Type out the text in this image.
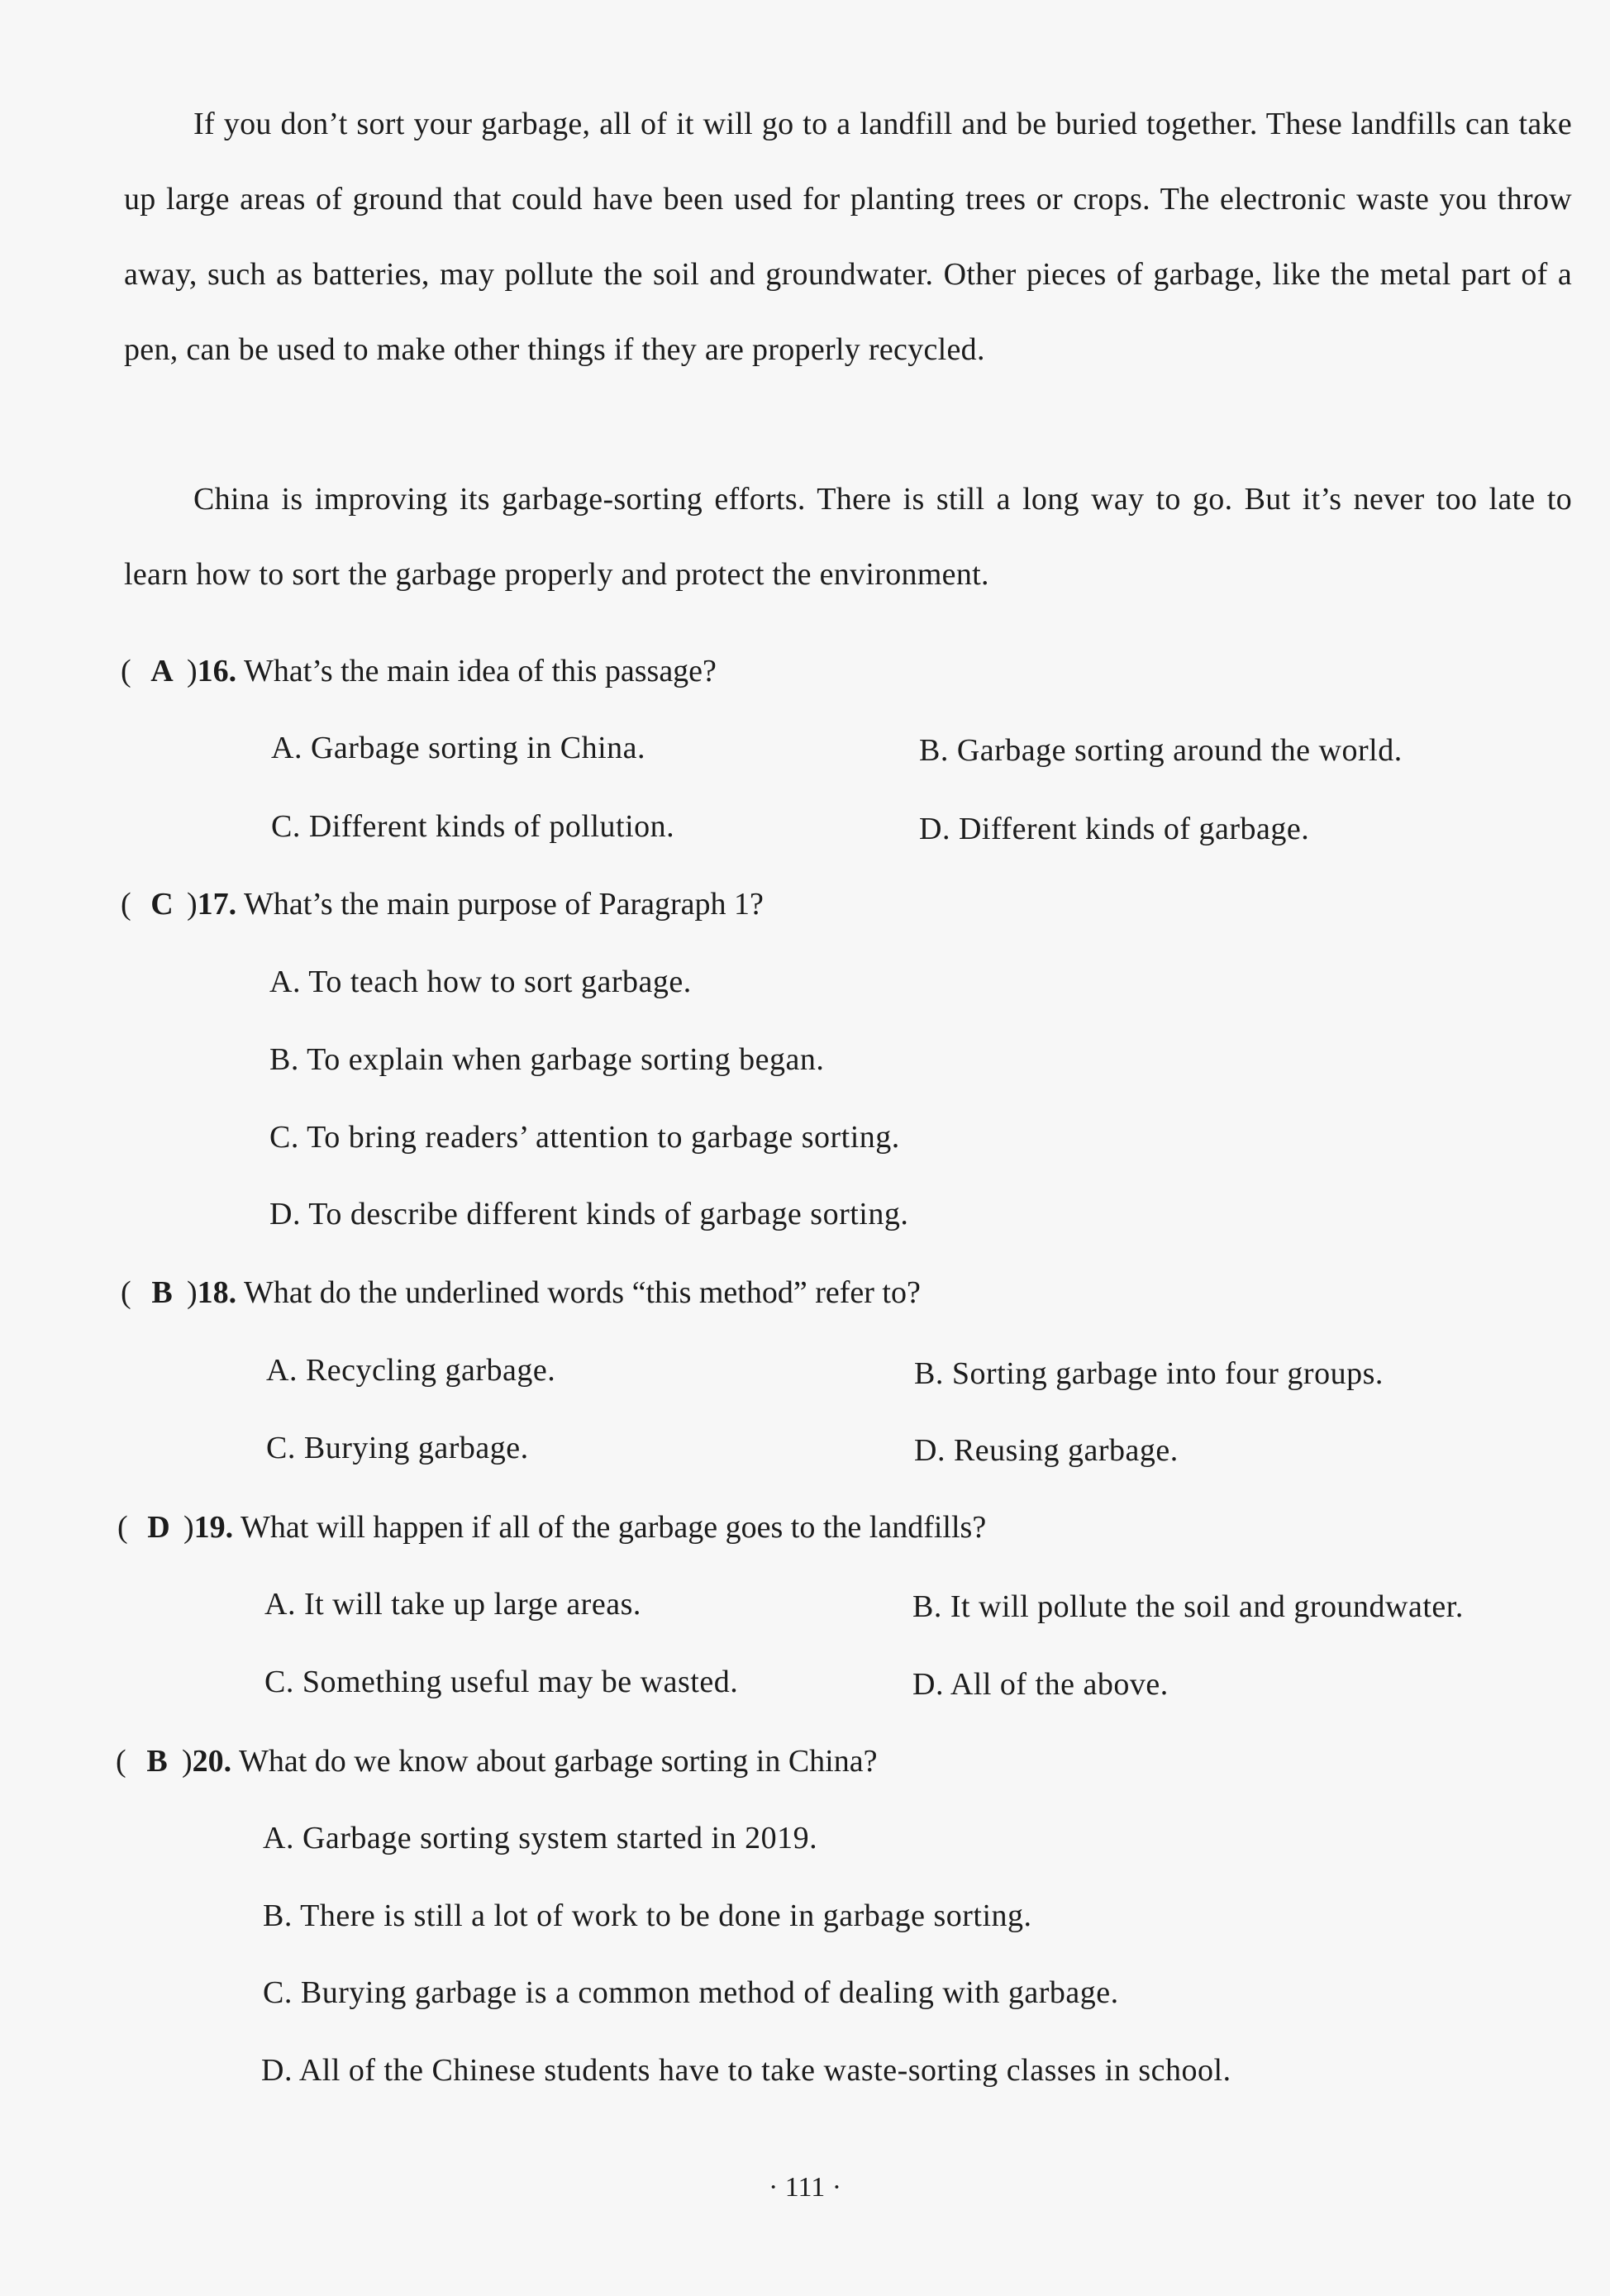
If you don’t sort your garbage, all of it will go to a landfill and be buried together. These landfills can take up large areas of ground that could have been used for planting trees or crops. The electronic waste you throw away, such as batteries, may pollute the soil and groundwater. Other pieces of garbage, like the metal part of a pen, can be used to make other things if they are properly recycled.

China is improving its garbage-sorting efforts. There is still a long way to go. But it’s never too late to learn how to sort the garbage properly and protect the environment.

( A )16. What’s the main idea of this passage?
A. Garbage sorting in China.	B. Garbage sorting around the world.
C. Different kinds of pollution.	D. Different kinds of garbage.
( C )17. What’s the main purpose of Paragraph 1?
A. To teach how to sort garbage.
B. To explain when garbage sorting began.
C. To bring readers’ attention to garbage sorting.
D. To describe different kinds of garbage sorting.
( B )18. What do the underlined words “this method” refer to?
A. Recycling garbage.	B. Sorting garbage into four groups.
C. Burying garbage.	D. Reusing garbage.
( D )19. What will happen if all of the garbage goes to the landfills?
A. It will take up large areas.	B. It will pollute the soil and groundwater.
C. Something useful may be wasted.	D. All of the above.
( B )20. What do we know about garbage sorting in China?
A. Garbage sorting system started in 2019.
B. There is still a lot of work to be done in garbage sorting.
C. Burying garbage is a common method of dealing with garbage.
D. All of the Chinese students have to take waste-sorting classes in school.
· 111 ·
